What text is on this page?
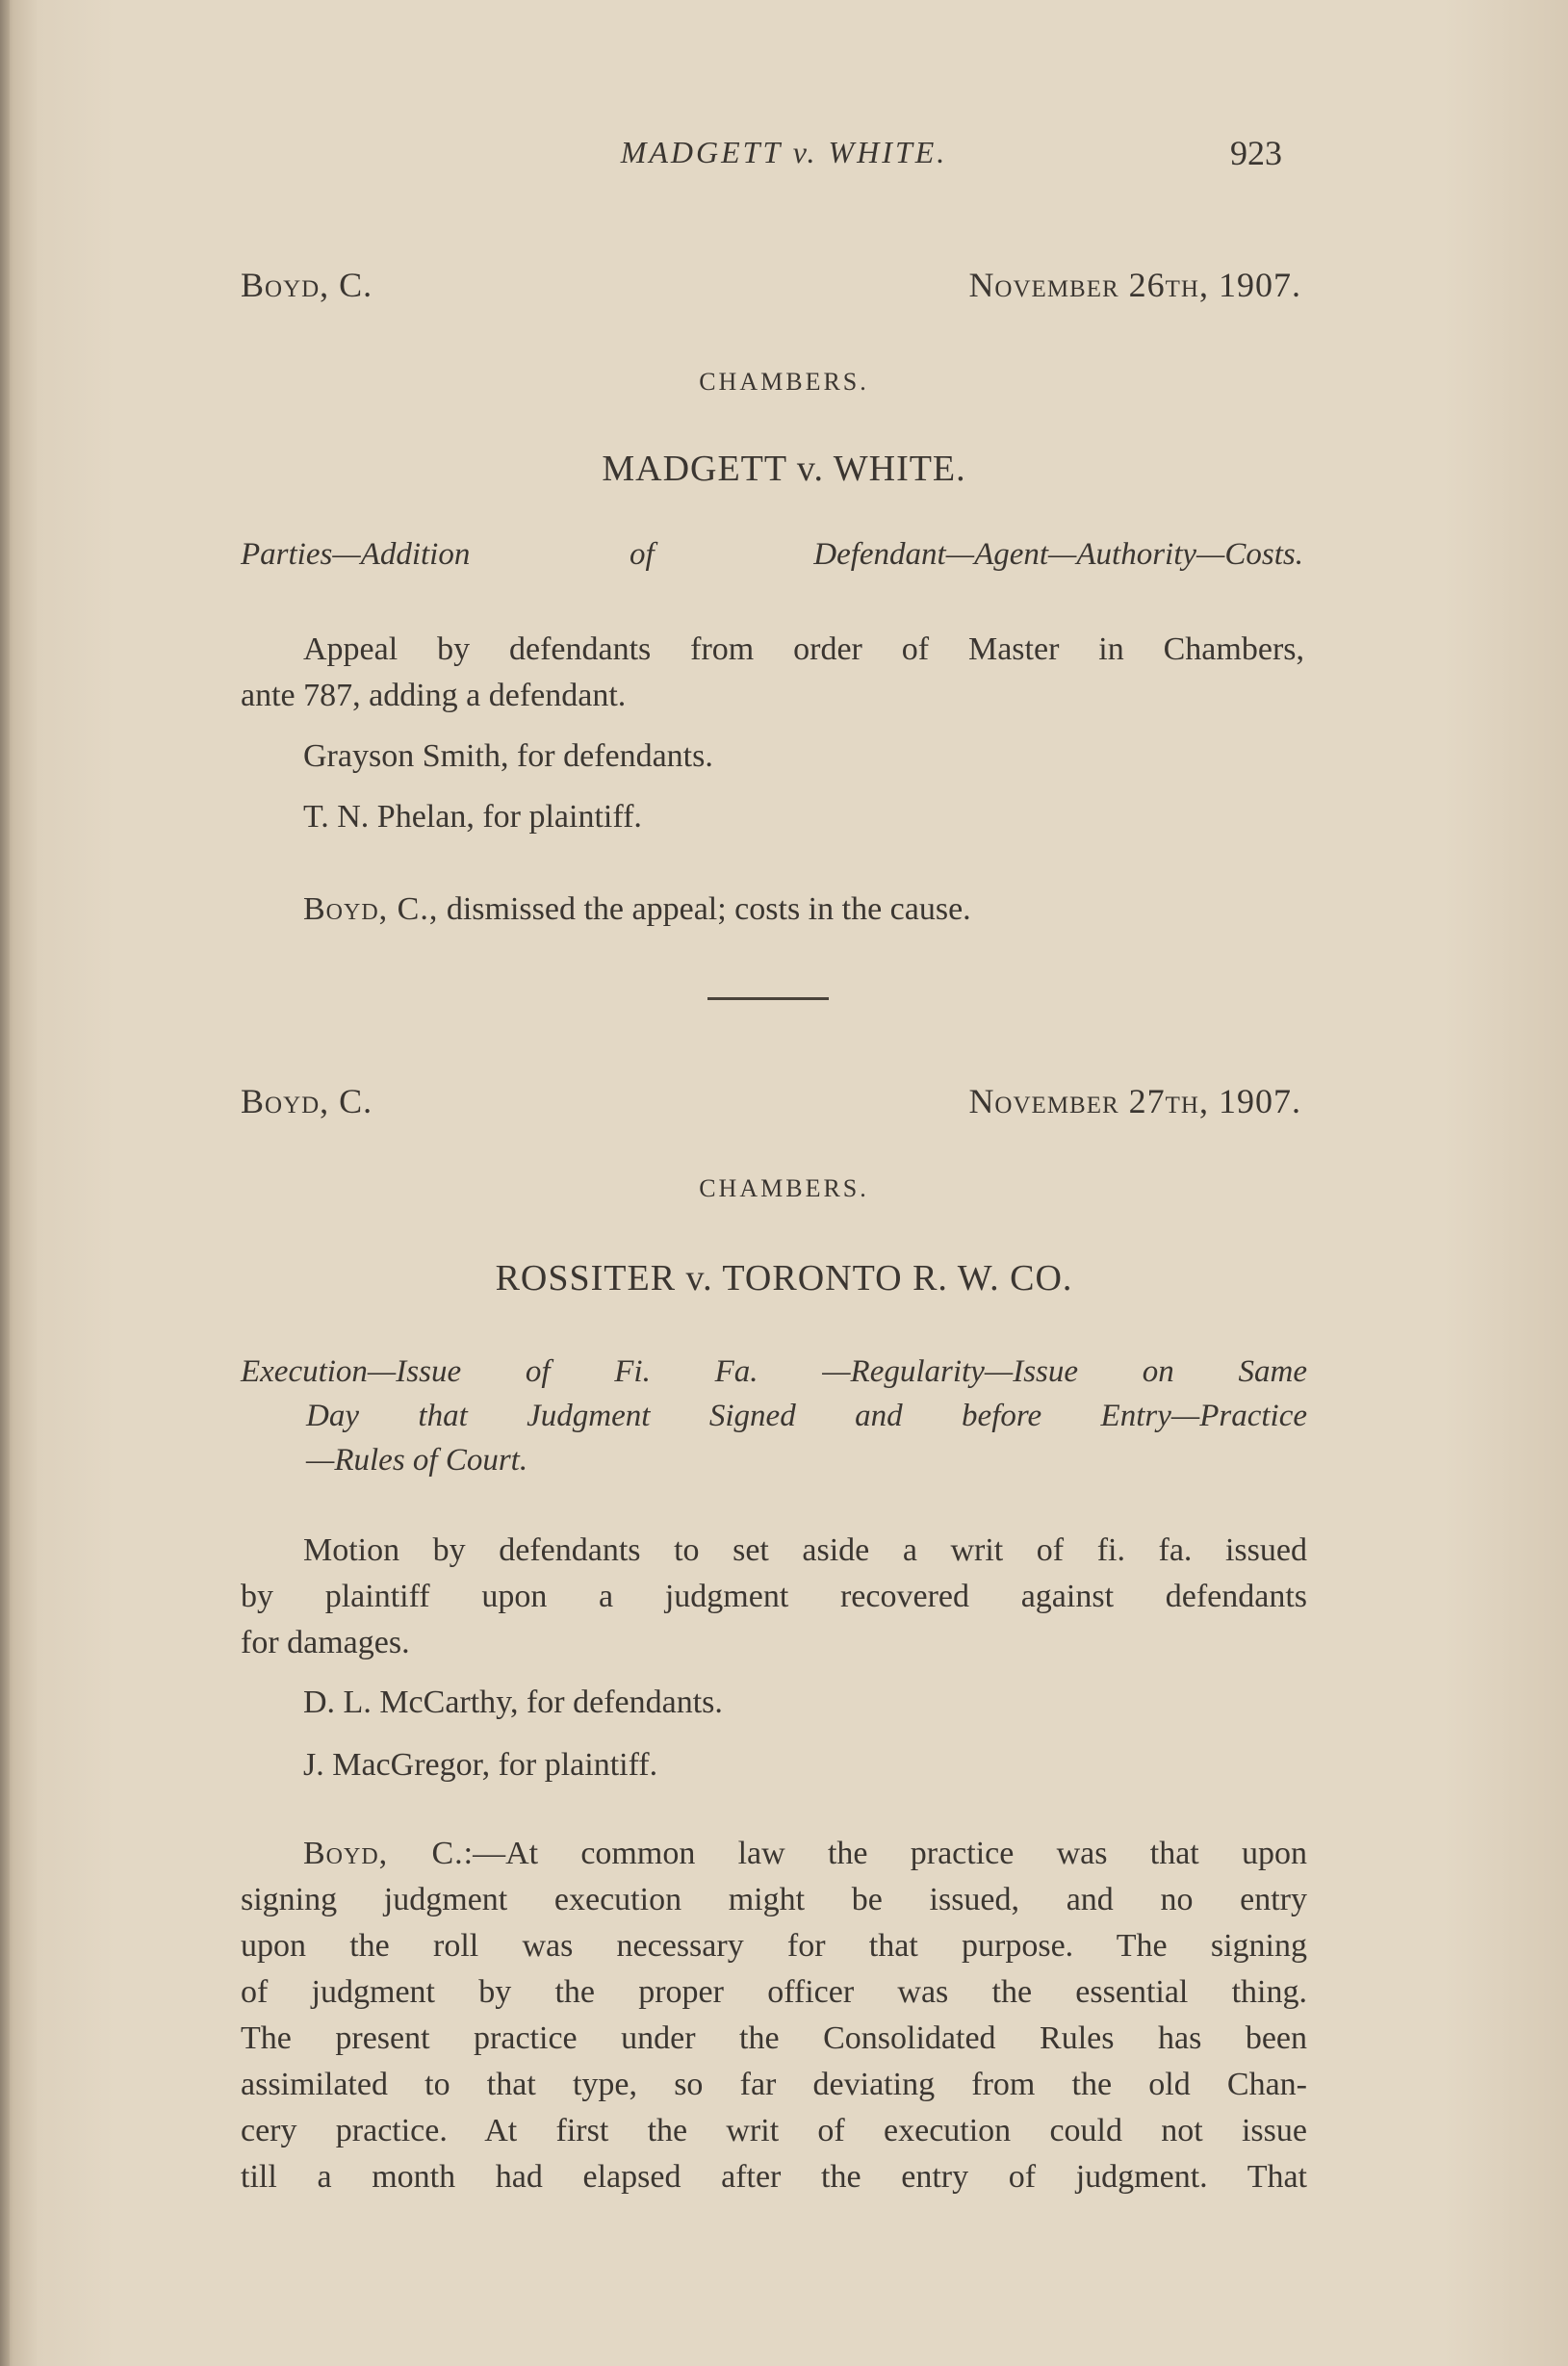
MADGETT v. WHITE.	923
Boyd, C.	November 26th, 1907.
CHAMBERS.
MADGETT v. WHITE.
Parties—Addition of Defendant—Agent—Authority—Costs.
Appeal by defendants from order of Master in Chambers,
ante 787, adding a defendant.
Grayson Smith, for defendants.
T. N. Phelan, for plaintiff.
Boyd, C., dismissed the appeal; costs in the cause.
Boyd, C.	November 27th, 1907.
CHAMBERS.
ROSSITER v. TORONTO R. W. CO.
Execution—Issue of Fi. Fa. —Regularity—Issue on Same
Day that Judgment Signed and before Entry—Practice
—Rules of Court.
Motion by defendants to set aside a writ of fi. fa. issued
by plaintiff upon a judgment recovered against defendants
for damages.
D. L. McCarthy, for defendants.
J. MacGregor, for plaintiff.
Boyd, C.:—At common law the practice was that upon
signing judgment execution might be issued, and no entry
upon the roll was necessary for that purpose. The signing
of judgment by the proper officer was the essential thing.
The present practice under the Consolidated Rules has been
assimilated to that type, so far deviating from the old Chan-
cery practice. At first the writ of execution could not issue
till a month had elapsed after the entry of judgment. That
